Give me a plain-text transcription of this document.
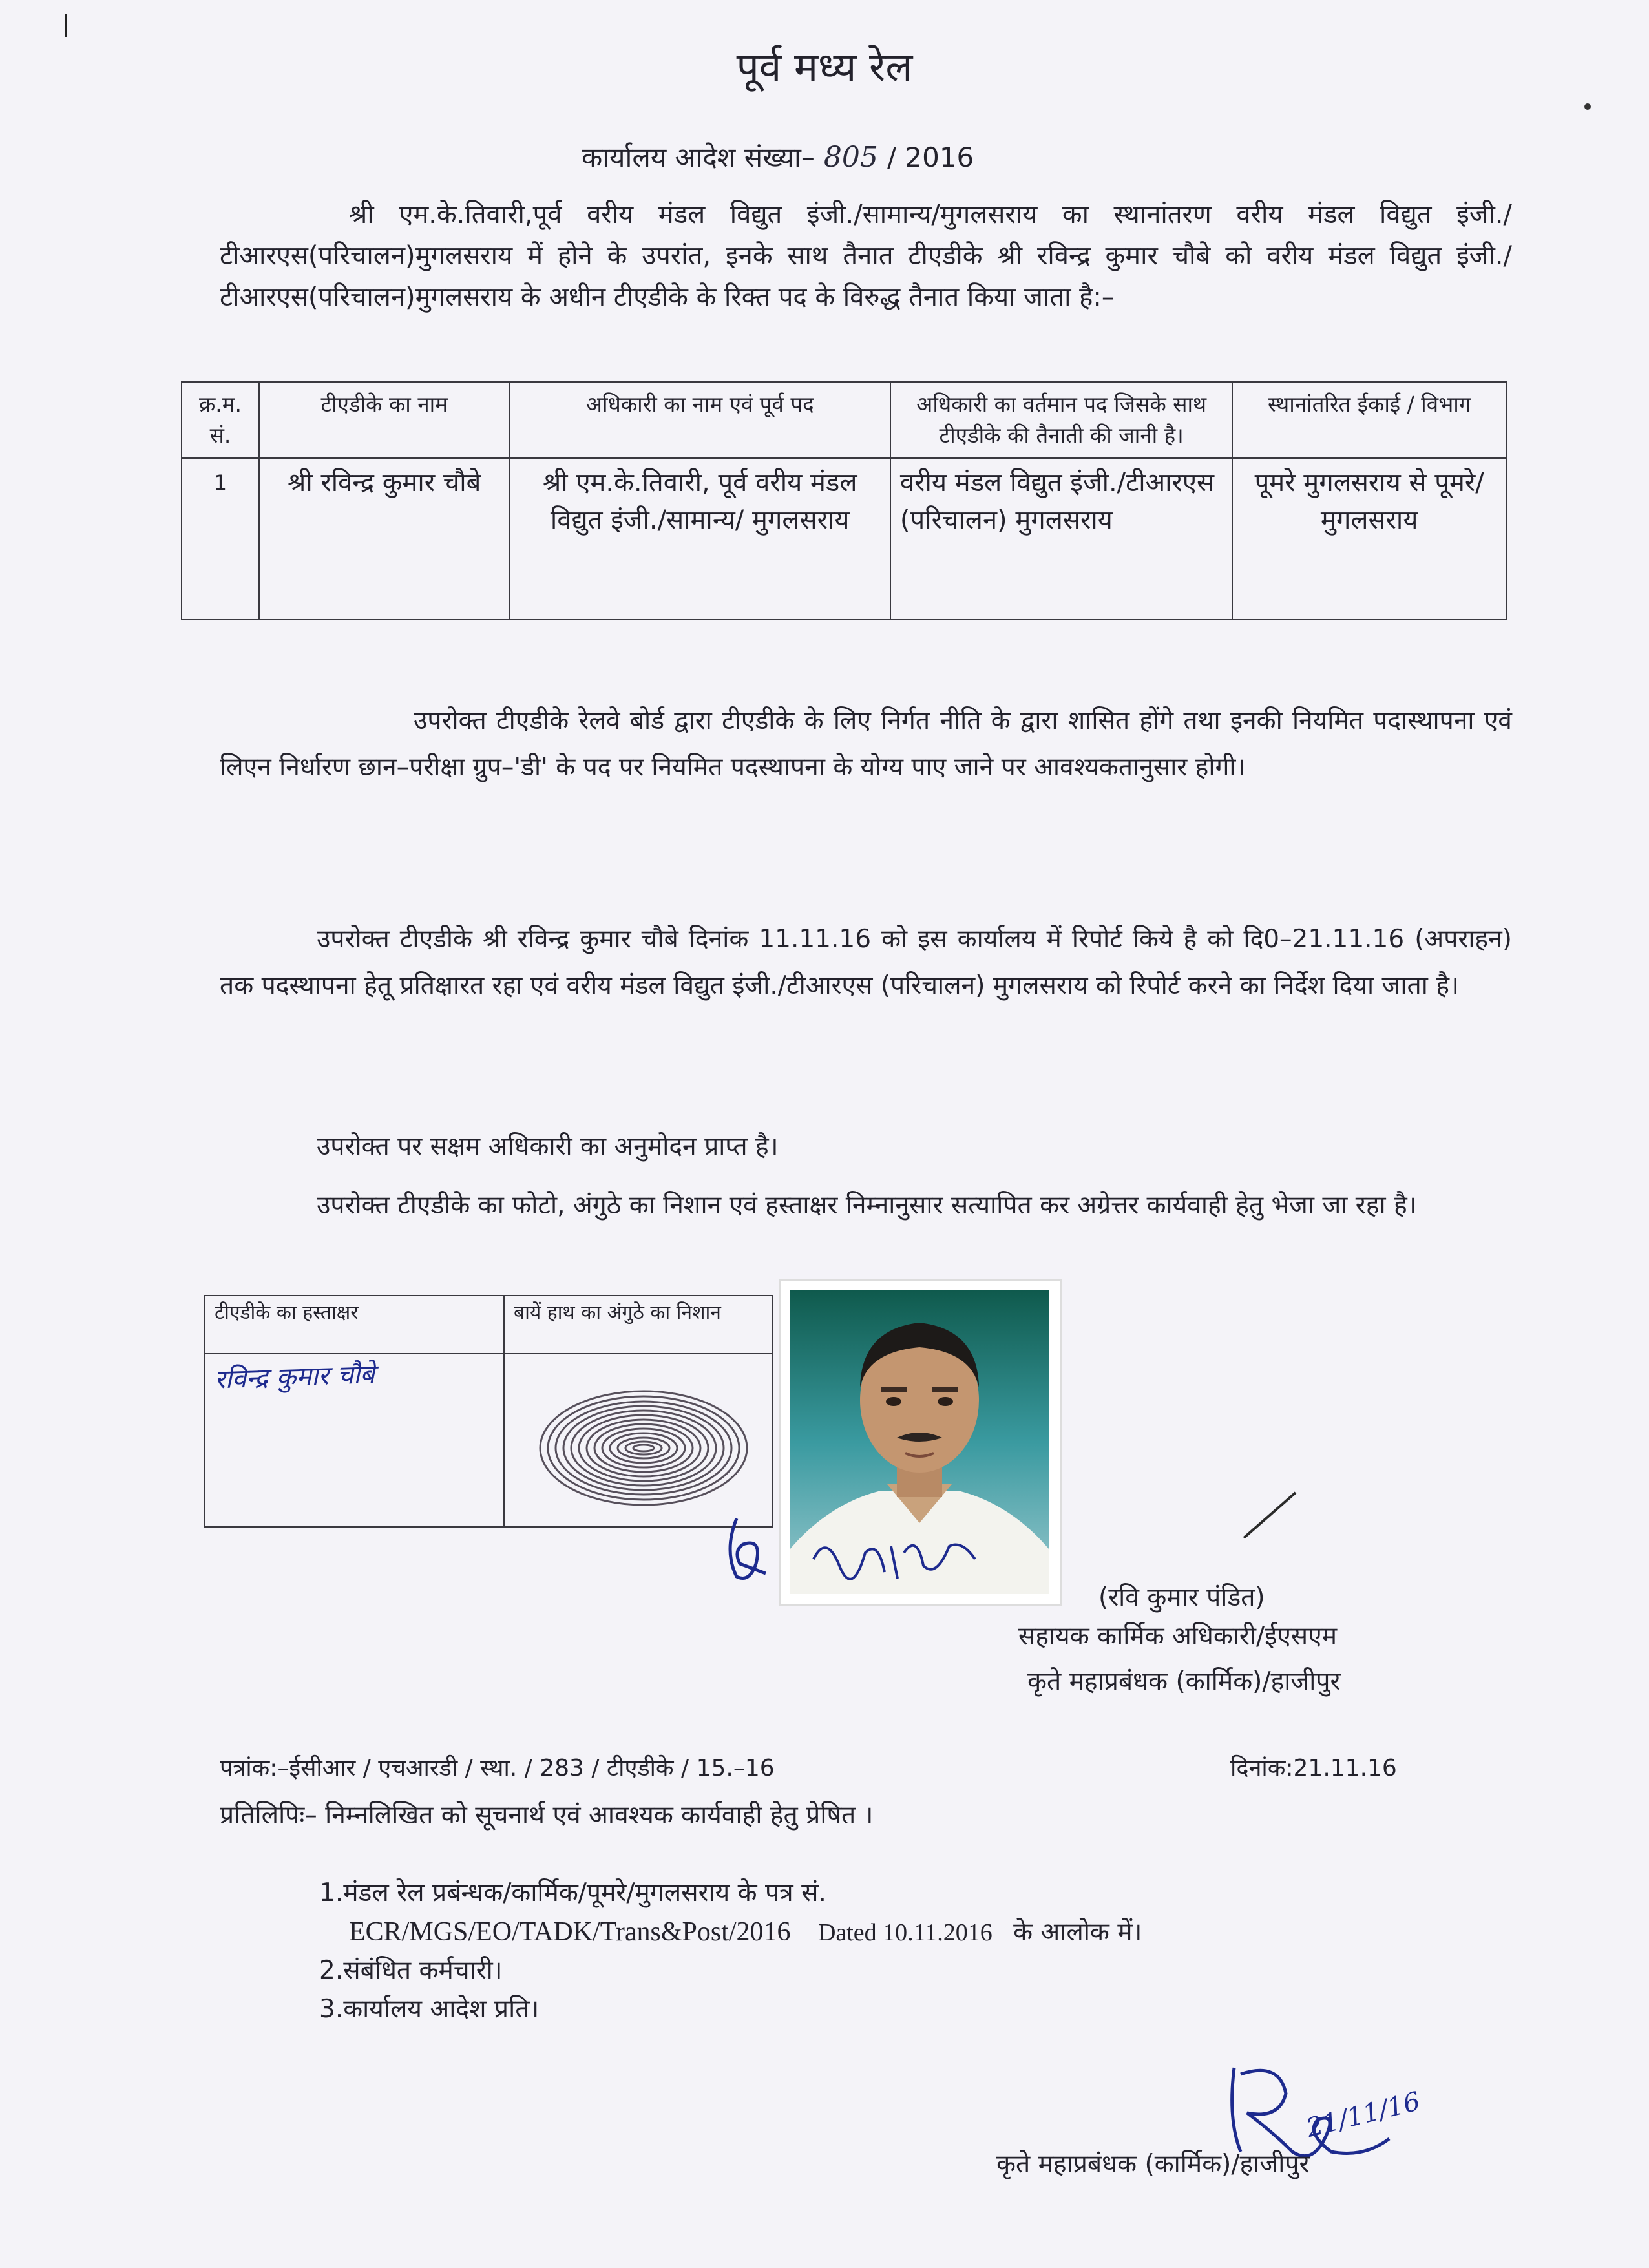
पूर्व मध्य रेल
कार्यालय आदेश संख्या– 805 / 2016
श्री एम.के.तिवारी,पूर्व वरीय मंडल विद्युत इंजी./सामान्य/मुगलसराय का स्थानांतरण वरीय मंडल विद्युत इंजी./टीआरएस(परिचालन)मुगलसराय में होने के उपरांत, इनके साथ तैनात टीएडीके श्री रविन्द्र कुमार चौबे को वरीय मंडल विद्युत इंजी./टीआरएस(परिचालन)मुगलसराय के अधीन टीएडीके के रिक्त पद के विरुद्ध तैनात किया जाता है:–
क्र.म. सं.	टीएडीके का नाम	अधिकारी का नाम एवं पूर्व पद	अधिकारी का वर्तमान पद जिसके साथ टीएडीके की तैनाती की जानी है।	स्थानांतरित ईकाई / विभाग
1	श्री रविन्द्र कुमार चौबे	श्री एम.के.तिवारी, पूर्व वरीय मंडल विद्युत इंजी./सामान्य/ मुगलसराय	वरीय मंडल विद्युत इंजी./टीआरएस (परिचालन) मुगलसराय	पूमरे मुगलसराय से पूमरे/मुगलसराय
उपरोक्त टीएडीके रेलवे बोर्ड द्वारा टीएडीके के लिए निर्गत नीति के द्वारा शासित होंगे तथा इनकी नियमित पदास्थापना एवं लिएन निर्धारण छान–परीक्षा ग्रुप–'डी' के पद पर नियमित पदस्थापना के योग्य पाए जाने पर आवश्यकतानुसार होगी।
उपरोक्त टीएडीके श्री रविन्द्र कुमार चौबे दिनांक 11.11.16 को इस कार्यालय में रिपोर्ट किये है को दि0–21.11.16 (अपराहन) तक पदस्थापना हेतू प्रतिक्षारत रहा एवं वरीय मंडल विद्युत इंजी./टीआरएस (परिचालन) मुगलसराय को रिपोर्ट करने का निर्देश दिया जाता है।
उपरोक्त पर सक्षम अधिकारी का अनुमोदन प्राप्त है।
उपरोक्त टीएडीके का फोटो, अंगुठे का निशान एवं हस्ताक्षर निम्नानुसार सत्यापित कर अग्रेत्तर कार्यवाही हेतु भेजा जा रहा है।
टीएडीके का हस्ताक्षर	बायें हाथ का अंगुठे का निशान

रविन्द्र कुमार चौबे

(रवि कुमार पंडित)
सहायक कार्मिक अधिकारी/ईएसएम
कृते महाप्रबंधक (कार्मिक)/हाजीपुर
पत्रांक:–ईसीआर / एचआरडी / स्था. / 283 / टीएडीके / 15.–16	दिनांक:21.11.16
प्रतिलिपिः– निम्नलिखित को सूचनार्थ एवं आवश्यक कार्यवाही हेतु प्रेषित ।
1.मंडल रेल प्रबंन्धक/कार्मिक/पूमरे/मुगलसराय के पत्र सं.
ECR/MGS/EO/TADK/Trans&Post/2016 Dated 10.11.2016 के आलोक में।
2.संबंधित कर्मचारी।
3.कार्यालय आदेश प्रति।
21/11/16
कृते महाप्रबंधक (कार्मिक)/हाजीपुर
